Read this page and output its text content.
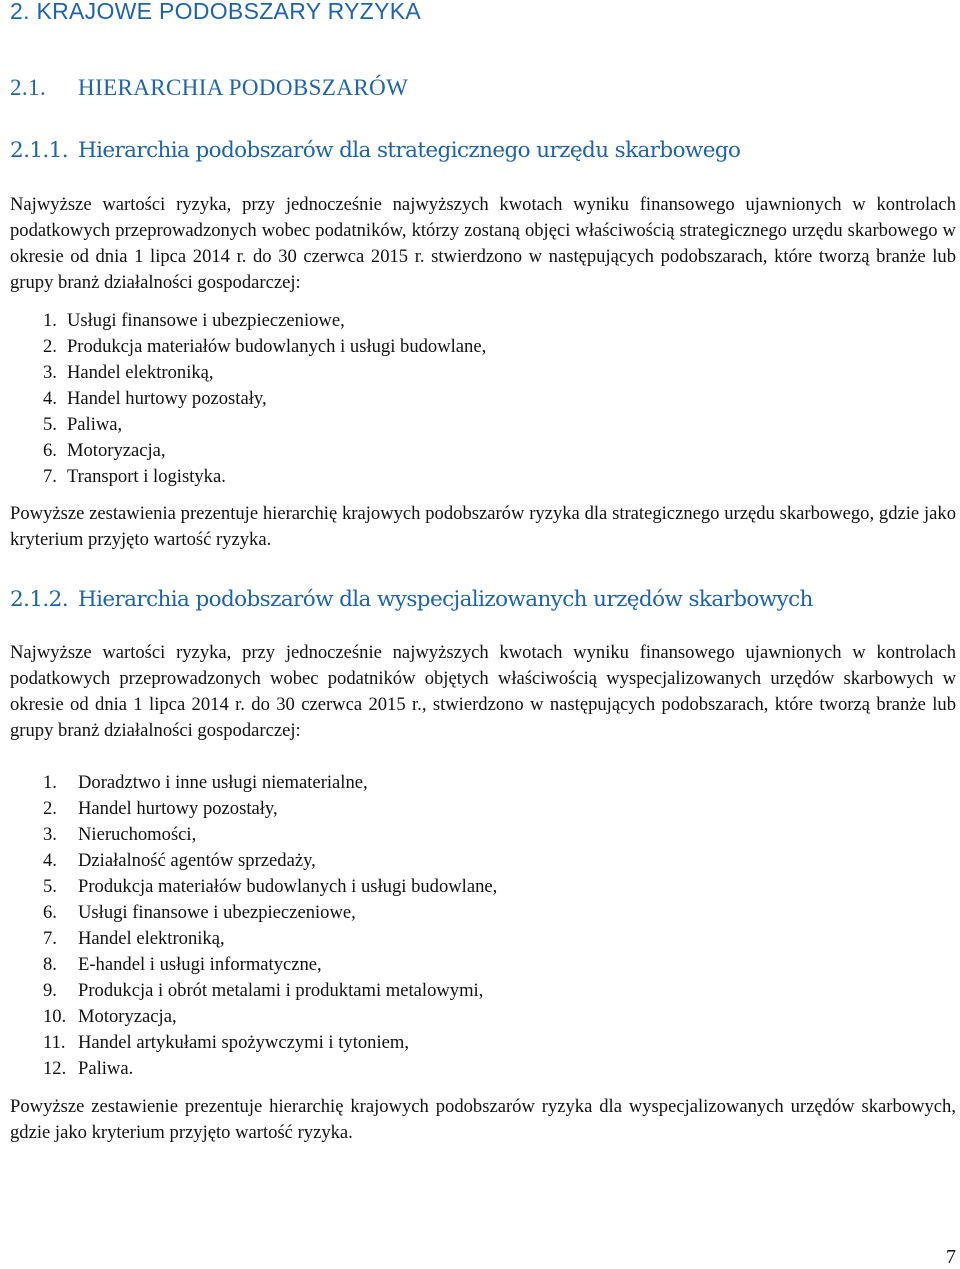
2. KRAJOWE PODOBSZARY RYZYKA
2.1. HIERARCHIA PODOBSZARÓW
2.1.1. Hierarchia podobszarów dla strategicznego urzędu skarbowego
Najwyższe wartości ryzyka, przy jednocześnie najwyższych kwotach wyniku finansowego ujawnionych w kontrolach podatkowych przeprowadzonych wobec podatników, którzy zostaną objęci właściwością strategicznego urzędu skarbowego w okresie od dnia 1 lipca 2014 r. do 30 czerwca 2015 r. stwierdzono w następujących podobszarach, które tworzą branże lub grupy branż działalności gospodarczej:
1. Usługi finansowe i ubezpieczeniowe,
2. Produkcja materiałów budowlanych i usługi budowlane,
3. Handel elektroniką,
4. Handel hurtowy pozostały,
5. Paliwa,
6. Motoryzacja,
7. Transport i logistyka.
Powyższe zestawienia prezentuje hierarchię krajowych podobszarów ryzyka dla strategicznego urzędu skarbowego, gdzie jako kryterium przyjęto wartość ryzyka.
2.1.2. Hierarchia podobszarów dla wyspecjalizowanych urzędów skarbowych
Najwyższe wartości ryzyka, przy jednocześnie najwyższych kwotach wyniku finansowego ujawnionych w kontrolach podatkowych przeprowadzonych wobec podatników objętych właściwością wyspecjalizowanych urzędów skarbowych w okresie od dnia 1 lipca 2014 r. do 30 czerwca 2015 r., stwierdzono w następujących podobszarach, które tworzą branże lub grupy branż działalności gospodarczej:
1. Doradztwo i inne usługi niematerialne,
2. Handel hurtowy pozostały,
3. Nieruchomości,
4. Działalność agentów sprzedaży,
5. Produkcja materiałów budowlanych i usługi budowlane,
6. Usługi finansowe i ubezpieczeniowe,
7. Handel elektroniką,
8. E-handel i usługi informatyczne,
9. Produkcja i obrót metalami i produktami metalowymi,
10. Motoryzacja,
11. Handel artykułami spożywczymi i tytoniem,
12. Paliwa.
Powyższe zestawienie prezentuje hierarchię krajowych podobszarów ryzyka dla wyspecjalizowanych urzędów skarbowych, gdzie jako kryterium przyjęto wartość ryzyka.
7
